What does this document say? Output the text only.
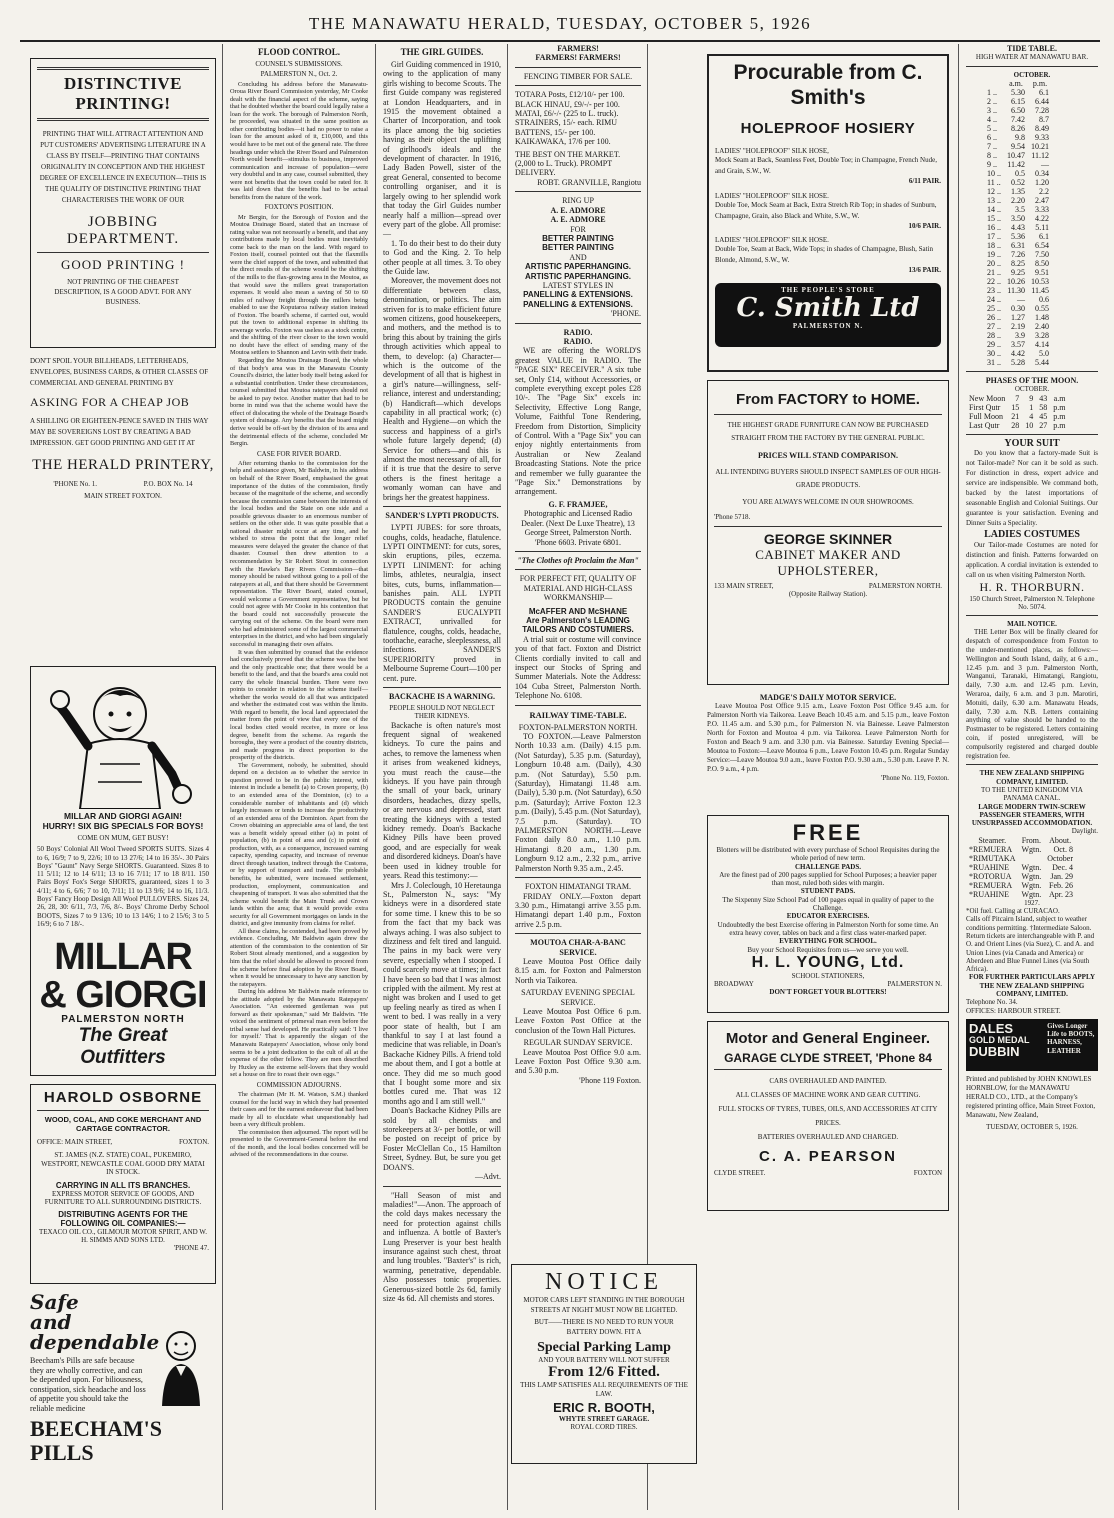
THE MANAWATU HERALD, TUESDAY, OCTOBER 5, 1926
DISTINCTIVE PRINTING!
PRINTING THAT WILL ATTRACT ATTENTION AND PUT CUSTOMERS' ADVERTISING LITERATURE IN A CLASS BY ITSELF—PRINTING THAT CONTAINS ORIGINALITY IN CONCEPTION AND THE HIGHEST DEGREE OF EXCELLENCE IN EXECUTION—THIS IS THE QUALITY OF DISTINCTIVE PRINTING THAT CHARACTERISES THE WORK OF OUR
JOBBING DEPARTMENT.
GOOD PRINTING !
NOT PRINTING OF THE CHEAPEST DESCRIPTION, IS A GOOD ADVT. FOR ANY BUSINESS.
DON'T SPOIL YOUR BILLHEADS, LETTERHEADS, ENVELOPES, BUSINESS CARDS, & OTHER CLASSES OF COMMERCIAL AND GENERAL PRINTING BY
ASKING FOR A CHEAP JOB
A SHILLING OR EIGHTEEN-PENCE SAVED IN THIS WAY MAY BE SOVEREIGNS LOST BY CREATING A BAD IMPRESSION. GET GOOD PRINTING AND GET IT AT
THE HERALD PRINTERY,
'PHONE No. 1.	P.O. BOX No. 14
MAIN STREET FOXTON.
MILLAR AND GIORGI AGAIN!
HURRY! SIX BIG SPECIALS FOR BOYS!
COME ON MUM, GET BUSY!
50 Boys' Colonial All Wool Tweed SPORTS SUITS. Sizes 4 to 6, 16/9; 7 to 9, 22/6; 10 to 13 27/6; 14 to 16 35/-. 30 Pairs Boys' "Gaunt" Navy Serge SHORTS. Guaranteed. Sizes 8 to 11 5/11; 12 to 14 6/11; 13 to 16 7/11; 17 to 18 8/11. 150 Pairs Boys' Fox's Serge SHORTS, guaranteed, sizes 1 to 3 4/11; 4 to 6, 6/6; 7 to 10, 7/11; 11 to 13 9/6; 14 to 16, 11/3. Boys' Fancy Hoop Design All Wool PULLOVERS. Sizes 24, 26, 28, 30: 6/11, 7/3, 7/6, 8/-. Boys' Chrome Derby School BOOTS, Sizes 7 to 9 13/6; 10 to 13 14/6; 1 to 2 15/6; 3 to 5 16/9; 6 to 7 18/-.
MILLAR & GIORGI
PALMERSTON NORTH
The Great Outfitters
HAROLD OSBORNE
WOOD, COAL, AND COKE MERCHANT AND CARTAGE CONTRACTOR.
OFFICE: MAIN STREET,	FOXTON.
ST. JAMES (N.Z. STATE) COAL, PUKEMIRO, WESTPORT, NEWCASTLE COAL GOOD DRY MATAI IN STOCK.
CARRYING IN ALL ITS BRANCHES.
EXPRESS MOTOR SERVICE OF GOODS, AND FURNITURE TO ALL SURROUNDING DISTRICTS.
DISTRIBUTING AGENTS FOR THE FOLLOWING OIL COMPANIES:—
TEXACO OIL CO., GILMOUR MOTOR SPIRIT, AND W. H. SIMMS AND SONS LTD.
'PHONE 47.
Safe and dependable
Beecham's Pills are safe because they are wholly corrective, and can be depended upon. For biliousness, constipation, sick headache and loss of appetite you should take the reliable medicine
BEECHAM'S PILLS
FLOOD CONTROL.
COUNSEL'S SUBMISSIONS.
PALMERSTON N., Oct. 2.

Concluding his address before the Manawatu-Oroua River Board Commission yesterday, Mr Cooke dealt with the financial aspect of the scheme, saying that he doubted whether the board could legally raise a loan for the work. The borough of Palmerston North, he proceeded, was situated in the same position as other contributing bodies—it had no power to raise a loan for the amount asked of it, £10,000, and this would have to be met out of the general rate. The three headings under which the River Board and Palmerston North would benefit—stimulus to business, improved communication and increase of population—were very doubtful and in any case, counsel submitted, they were not benefits that the town could be rated for. It was laid down that the benefits had to be actual benefits from the nature of the work.

FOXTON'S POSITION.

Mr Bergin, for the Borough of Foxton and the Moutoa Drainage Board, stated that an increase of rating value was not necessarily a benefit, and that any contributions made by local bodies must inevitably come back to the man on the land. With regard to Foxton itself, counsel pointed out that the flaxmills were the chief support of the town, and submitted that the direct results of the scheme would be the shifting of the mills to the flax-growing area in the Moutoa, as that would save the millers great transportation expenses. It would also mean a saving of 50 to 60 miles of railway freight through the millers being enabled to use the Koputaroa railway station instead of Foxton. The board's scheme, if carried out, would put the town to additional expense in shifting its sewerage works. Foxton was useless as a stock centre, and the shifting of the river closer to the town would no doubt have the effect of sending many of the Moutoa settlers to Shannon and Levin with their trade.

Regarding the Moutoa Drainage Board, the whole of that body's area was in the Manawatu County Council's district, the latter body itself being asked for a substantial contribution. Under these circumstances, counsel submitted that Moutoa ratepayers should not be asked to pay twice. Another matter that had to be borne in mind was that the scheme would have the effect of dislocating the whole of the Drainage Board's system of drainage. Any benefits that the board might derive would be off-set by the division of its area and the detrimental effects of the scheme, concluded Mr Bergin.

CASE FOR RIVER BOARD.

After returning thanks to the commission for the help and assistance given, Mr Baldwin, in his address on behalf of the River Board, emphasised the great importance of the duties of the commission, firstly because of the magnitude of the scheme, and secondly because the commission came between the interests of the local bodies and the State on one side and a possible grievous disaster to an enormous number of settlers on the other side. It was quite possible that a national disaster might occur at any time, and he wished to stress the point that the longer relief measures were delayed the greater the chance of that disaster. Counsel then drew attention to a recommendation by Sir Robert Stout in connection with the Hawke's Bay Rivers Commission—that money should be raised without going to a poll of the ratepayers at all, and that there should be Government representation. The River Board, stated counsel, would welcome a Government representative, but he could not agree with Mr Cooke in his contention that the board could not successfully prosecute the carrying out of the scheme. On the board were men who had administered some of the largest commercial enterprises in the district, and who had been singularly successful in managing their own affairs.

It was then submitted by counsel that the evidence had conclusively proved that the scheme was the best and the only practicable one; that there would be a benefit to the land, and that the board's area could not carry the whole financial burden. There were two points to consider in relation to the scheme itself—whether the works would do all that was anticipated and whether the estimated cost was within the limits. With regard to benefit, the local land appreciated the matter from the point of view that every one of the local bodies cited would receive, in more or less degree, benefit from the scheme. As regards the boroughs, they were a product of the country districts, and made progress in direct proportion to the prosperity of the districts.

The Government, nobody, he submitted, should depend on a decision as to whether the service in question proved to be in the public interest, with interest in include a benefit (a) to Crown property, (b) to an extended area of the Dominion, (c) to a considerable number of inhabitants and (d) which largely increases or tends to increase the productivity of an extended area of the Dominion. Apart from the Crown obtaining an appreciable area of land, the test was a benefit widely spread either (a) in point of population, (b) in point of area and (c) in point of production, with, as a consequence, increased earning capacity, spending capacity, and increase of revenue direct through taxation, indirect through the Customs, or by support of transport and trade. The probable benefits, he submitted, were increased settlement, production, employment, communication and cheapening of transport. It was also submitted that the scheme would benefit the Main Trunk and Crown lands within the area; that it would provide extra security for all Government mortgages on lands in the district, and give immunity from claims for relief.

All these claims, he contended, had been proved by evidence. Concluding, Mr Baldwin again drew the attention of the commission to the contention of Sir Robert Stout already mentioned, and a suggestion by him that the relief should be allowed to proceed from the scheme before final adoption by the River Board, when it would be unnecessary to have any sanction by the ratepayers.

During his address Mr Baldwin made reference to the attitude adopted by the Manawatu Ratepayers' Association. "An esteemed gentleman was put forward as their spokesman," said Mr Baldwin. "He voiced the sentiment of primeval man even before the tribal sense had developed. He practically said: 'I live for myself.' That is apparently the slogan of the Manawatu Ratepayers' Association, whose only bond seems to be a joint dedication to the cult of all at the expense of the other fellow. They are men described by Huxley as the extreme self-lovers that they would set a house on fire to roast their own eggs."

COMMISSION ADJOURNS.

The chairman (Mr H. M. Watson, S.M.) thanked counsel for the lucid way in which they had presented their cases and for the earnest endeavour that had been made by all to elucidate what unquestionably had been a very difficult problem.

The commission then adjourned. The report will be presented to the Government-General before the end of the month, and the local bodies concerned will be advised of the recommendations in due course.

THE GIRL GUIDES.

Girl Guiding commenced in 1910, owing to the application of many girls wishing to become Scouts. The first Guide company was registered at London Headquarters, and in 1915 the movement obtained a Charter of Incorporation, and took its place among the big societies having as their object the uplifting of girlhood's ideals and the development of character. In 1916, Lady Baden Powell, sister of the great General, consented to become controlling organiser, and it is largely owing to her splendid work that today the Girl Guides number nearly half a million—spread over every part of the globe. All promise:—

1. To do their best to do their duty to God and the King. 2. To help other people at all times. 3. To obey the Guide law.

Moreover, the movement does not differentiate between class, denomination, or politics. The aim striven for is to make efficient future women citizens, good housekeepers, and mothers, and the method is to bring this about by training the girls through activities which appeal to them, to develop: (a) Character—which is the outcome of the development of all that is highest in a girl's nature—willingness, self-reliance, interest and understanding; (b) Handicraft—which develops capability in all practical work; (c) Health and Hygiene—on which the success and happiness of a girl's whole future largely depend; (d) Service for others—and this is almost the most necessary of all, for if it is true that the desire to serve others is the finest heritage a womanly woman can have and brings her the greatest happiness.

SANDER'S LYPTI PRODUCTS.

LYPTI JUBES: for sore throats, coughs, colds, headache, flatulence. LYPTI OINTMENT: for cuts, sores, skin eruptions, piles, eczema. LYPTI LINIMENT: for aching limbs, athletes, neuralgia, insect bites, cuts, burns, inflammation—banishes pain. ALL LYPTI PRODUCTS contain the genuine SANDER'S EUCALYPTI EXTRACT, unrivalled for flatulence, coughs, colds, headache, toothache, earache, sleeplessness, all infections. SANDER'S SUPERIORITY proved in Melbourne Supreme Court—100 per cent. pure.

BACKACHE IS A WARNING.
PEOPLE SHOULD NOT NEGLECT THEIR KIDNEYS.

Backache is often nature's most frequent signal of weakened kidneys. To cure the pains and aches, to remove the lameness when it arises from weakened kidneys, you must reach the cause—the kidneys. If you have pain through the small of your back, urinary disorders, headaches, dizzy spells, or are nervous and depressed, start treating the kidneys with a tested kidney remedy. Doan's Backache Kidney Pills have been proved good, and are especially for weak and disordered kidneys. Doan's have been used in kidney trouble for years. Read this testimony:—

Mrs J. Coleclough, 10 Heretaunga St., Palmerston N., says: "My kidneys were in a disordered state for some time. I knew this to be so from the fact that my back was always aching. I was also subject to dizziness and felt tired and languid. The pains in my back were very severe, especially when I stooped. I could scarcely move at times; in fact I have been so bad that I was almost crippled with the ailment. My rest at night was broken and I used to get up feeling nearly as tired as when I went to bed. I was really in a very poor state of health, but I am thankful to say I at last found a medicine that was reliable, in Doan's Backache Kidney Pills. A friend told me about them, and I got a bottle at once. They did me so much good that I bought some more and six bottles cured me. That was 12 months ago and I am still well."

Doan's Backache Kidney Pills are sold by all chemists and storekeepers at 3/- per bottle, or will be posted on receipt of price by Foster McClellan Co., 15 Hamilton Street, Sydney. But, be sure you get DOAN'S.

—Advt.

"Hall Season of mist and maladies!"—Anon. The approach of the cold days makes necessary the need for protection against chills and influenza. A bottle of Baxter's Lung Preserver is your best health insurance against such chest, throat and lung troubles. "Baxter's" is rich, warming, penetrative, dependable. Also possesses tonic properties. Generous-sized bottle 2s 6d, family size 4s 6d. All chemists and stores.

FARMERS!
FARMERS! FARMERS!
FENCING TIMBER FOR SALE.
TOTARA Posts, £12/10/- per 100. BLACK HINAU, £9/-/- per 100. MATAI, £6/-/- (225 to L. truck). STRAINERS, 15/- each. RIMU BATTENS, 15/- per 100. KAIKAWAKA, 17/6 per 100.
THE BEST ON THE MARKET. (2,000 to L. Truck). PROMPT DELIVERY.
ROBT. GRANVILLE, Rangiotu
RING UP
A. E. ADMORE
A. E. ADMORE
FOR
BETTER PAINTING
BETTER PAINTING
AND
ARTISTIC PAPERHANGING.
ARTISTIC PAPERHANGING.
LATEST STYLES IN
PANELLING & EXTENSIONS.
PANELLING & EXTENSIONS.
'PHONE.
RADIO.
RADIO.

WE are offering the WORLD'S greatest VALUE in RADIO. The "PAGE SIX" RECEIVER." A six tube set, Only £14, without Accessories, or complete everything except poles £28 10/-. The "Page Six" excels in: Selectivity, Effective Long Range, Volume, Faithful Tone Rendering, Freedom from Distortion, Simplicity of Control. With a "Page Six" you can enjoy nightly entertainments from Australian or New Zealand Broadcasting Stations. Note the price and remember we fully guarantee the "Page Six." Demonstrations by arrangement.

G. F. FRAMJEE,
Photographic and Licensed Radio Dealer. (Next De Luxe Theatre), 13 George Street, Palmerston North. 'Phone 6603. Private 6801.
"The Clothes oft Proclaim the Man"
FOR PERFECT FIT, QUALITY OF MATERIAL AND HIGH-CLASS WORKMANSHIP—
McAFFER AND McSHANE
Are Palmerston's LEADING TAILORS AND COSTUMIERS.

A trial suit or costume will convince you of that fact. Foxton and District Clients cordially invited to call and inspect our Stocks of Spring and Summer Materials. Note the Address: 104 Cuba Street, Palmerston North. Telephone No. 6108.

RAILWAY TIME-TABLE.
FOXTON-PALMERSTON NORTH.

TO FOXTON.—Leave Palmerston North 10.33 a.m. (Daily) 4.15 p.m. (Not Saturday), 5.35 p.m. (Saturday), Longburn 10.48 a.m. (Daily), 4.30 p.m. (Not Saturday), 5.50 p.m. (Saturday), Himatangi 11.48 a.m. (Daily), 5.30 p.m. (Not Saturday), 6.50 p.m. (Saturday); Arrive Foxton 12.3 p.m. (Daily), 5.45 p.m. (Not Saturday), 7.5 p.m. (Saturday). TO PALMERSTON NORTH.—Leave Foxton daily 8.0 a.m., 1.10 p.m. Himatangi 8.20 a.m., 1.30 p.m. Longburn 9.12 a.m., 2.32 p.m., arrive Palmerston North 9.35 a.m., 2.45.

FOXTON HIMATANGI TRAM.

FRIDAY ONLY.—Foxton depart 3.30 p.m., Himatangi arrive 3.55 p.m. Himatangi depart 1.40 p.m., Foxton arrive 2.5 p.m.

MOUTOA CHAR-A-BANC SERVICE.

Leave Moutoa Post Office daily 8.15 a.m. for Foxton and Palmerston North via Taikorea.

SATURDAY EVENING SPECIAL SERVICE.

Leave Moutoa Post Office 6 p.m. Leave Foxton Post Office at the conclusion of the Town Hall Pictures.

REGULAR SUNDAY SERVICE.

Leave Moutoa Post Office 9.0 a.m. Leave Foxton Post Office 9.30 a.m. and 5.30 p.m.

'Phone 119 Foxton.
Procurable from C. Smith's
HOLEPROOF HOSIERY
LADIES' "HOLEPROOF" SILK HOSE,
Mock Seam at Back, Seamless Feet, Double Toe; in Champagne, French Nude, and Grain, S.W., W.
6/11 PAIR.
LADIES' "HOLEPROOF" SILK HOSE.
Double Toe, Mock Seam at Back, Extra Stretch Rib Top; in shades of Sunburn, Champagne, Grain, also Black and White, S.W., W.
10/6 PAIR.
LADIES' "HOLEPROOF" SILK HOSE.
Double Toe, Seam at Back, Wide Tops; in shades of Champagne, Blush, Satin Blonde, Almond, S.W., W.
13/6 PAIR.
THE PEOPLE'S STORE
C. Smith Ltd
PALMERSTON N.
From FACTORY to HOME.
THE HIGHEST GRADE FURNITURE CAN NOW BE PURCHASED STRAIGHT FROM THE FACTORY BY THE GENERAL PUBLIC.
PRICES WILL STAND COMPARISON.
ALL INTENDING BUYERS SHOULD INSPECT SAMPLES OF OUR HIGH-GRADE PRODUCTS.
YOU ARE ALWAYS WELCOME IN OUR SHOWROOMS.
'Phone 5718.
GEORGE SKINNER
CABINET MAKER AND UPHOLSTERER,
133 MAIN STREET,	PALMERSTON NORTH.
(Opposite Railway Station).
MADGE'S DAILY MOTOR SERVICE.

Leave Moutoa Post Office 9.15 a.m., Leave Foxton Post Office 9.45 a.m. for Palmerston North via Taikorea. Leave Beach 10.45 a.m. and 5.15 p.m., leave Foxton P.O. 11.45 a.m. and 5.30 p.m., for Palmerston N. via Bainesse. Leave Palmerston North for Foxton and Moutoa 4 p.m. via Taikorea. Leave Palmerston North for Foxton and Beach 9 a.m. and 3.30 p.m. via Bainesse. Saturday Evening Special—Moutoa to Foxton:—Leave Moutoa 6 p.m., Leave Foxton 10.45 p.m. Regular Sunday Service:—Leave Moutoa 9.0 a.m., leave Foxton P.O. 9.30 a.m., 5.30 p.m. Leave P. N. P.O. 9 a.m., 4 p.m.

'Phone No. 119, Foxton.
FREE
Blotters will be distributed with every purchase of School Requisites during the whole period of new term.
CHALLENGE PADS.
Are the finest pad of 200 pages supplied for School Purposes; a heavier paper than most, ruled both sides with margin.
STUDENT PADS.
The Sixpenny Size School Pad of 100 pages equal in quality of paper to the Challenge.
EDUCATOR EXERCISES.
Undoubtedly the best Exercise offering in Palmerston North for some time. An extra heavy cover, tables on back and a first class water-marked paper.
EVERYTHING FOR SCHOOL.
Buy your School Requisites from us—we serve you well.
H. L. YOUNG, Ltd.
SCHOOL STATIONERS,
BROADWAY	PALMERSTON N.
DON'T FORGET YOUR BLOTTERS!
Motor and General Engineer.
GARAGE CLYDE STREET, 'Phone 84
CARS OVERHAULED AND PAINTED.
ALL CLASSES OF MACHINE WORK AND GEAR CUTTING.
FULL STOCKS OF TYRES, TUBES, OILS, AND ACCESSORIES AT CITY PRICES.
BATTERIES OVERHAULED AND CHARGED.
C. A. PEARSON
CLYDE STREET.	FOXTON
NOTICE
MOTOR CARS LEFT STANDING IN THE BOROUGH STREETS AT NIGHT MUST NOW BE LIGHTED.
BUT——THERE IS NO NEED TO RUN YOUR BATTERY DOWN. FIT A
Special Parking Lamp
AND YOUR BATTERY WILL NOT SUFFER
From 12/6 Fitted.
THIS LAMP SATISFIES ALL REQUIREMENTS OF THE LAW.
ERIC R. BOOTH,
WHYTE STREET GARAGE.
ROYAL CORD TIRES.
TIDE TABLE.
HIGH WATER AT MANAWATU BAR.
OCTOBER.
	a.m.	p.m.
1 ..	5.30	6.1
2 ..	6.15	6.44
3 ..	6.50	7.28
4 ..	7.42	8.7
5 ..	8.26	8.49
6 ..	9.8	9.33
7 ..	9.54	10.21
8 ..	10.47	11.12
9 ..	11.42	—
10 ..	0.5	0.34
11 ..	0.52	1.20
12 ..	1.35	2.2
13 ..	2.20	2.47
14 ..	3.5	3.33
15 ..	3.50	4.22
16 ..	4.43	5.11
17 ..	5.36	6.1
18 ..	6.31	6.54
19 ..	7.26	7.50
20 ..	8.25	8.50
21 ..	9.25	9.51
22 ..	10.26	10.53
23 ..	11.30	11.45
24 ..	—	0.6
25 ..	0.30	0.55
26 ..	1.27	1.48
27 ..	2.19	2.40
28 ..	3.9	3.28
29 ..	3.57	4.14
30 ..	4.42	5.0
31 ..	5.28	5.44
PHASES OF THE MOON.
OCTOBER.
New Moon	7	9	43	a.m
First Qutr	15	1	58	p.m
Full Moon	21	4	45	p.m
Last Qutr	28	10	27	p.m
YOUR SUIT

Do you know that a factory-made Suit is not Tailor-made? Nor can it be sold as such. For distinction in dress, expert advice and service are indispensible. We command both, backed by the latest importations of seasonable English and Colonial Suitings. Our guarantee is your satisfaction. Evening and Dinner Suits a Speciality.

LADIES COSTUMES

Our Tailor-made Costumes are noted for distinction and finish. Patterns forwarded on application. A cordial invitation is extended to call on us when visiting Palmerston North.

H. R. THORBURN.
150 Church Street, Palmerston N. Telephone No. 5074.
MAIL NOTICE.

THE Letter Box will be finally cleared for despatch of correspondence from Foxton to the under-mentioned places, as follows:— Wellington and South Island, daily, at 6 a.m., 12.45 p.m. and 3 p.m. Palmerston North, Wanganui, Taranaki, Himatangi, Rangiotu, daily, 7.30 a.m. and 12.45 p.m. Levin, Weraroa, daily, 6 a.m. and 3 p.m. Marotiri, Motuiti, daily, 6.30 a.m. Manawatu Heads, daily, 7.30 a.m. N.B. Letters containing anything of value should be handed to the Postmaster to be registered. Letters containing coin, if posted unregistered, will be compulsorily registered and charged double registration fee.

THE NEW ZEALAND SHIPPING COMPANY, LIMITED.
TO THE UNITED KINGDOM VIA PANAMA CANAL.
LARGE MODERN TWIN-SCREW PASSENGER STEAMERS, WITH UNSURPASSED ACCOMMODATION.
Daylight.
Steamer.	From.	About.
*REMUERA	Wgtn.	Oct. 8
*RIMUTAKA		October
*RUAHINE	Wgtn.	Dec. 4
*ROTORUA	Wgtn.	Jan. 29
*REMUERA	Wgtn.	Feb. 26
*RUAHINE	Wgtn.	Apr. 23
1927.
*Oil fuel. Calling at CURACAO.
Calls off Pitcairn Island, subject to weather conditions permitting. †Intermediate Saloon.
Return tickets are interchangeable with P. and O. and Orient Lines (via Suez), C. and A. and Union Lines (via Canada and America) or Aberdeen and Blue Funnel Lines (via South Africa).
FOR FURTHER PARTICULARS APPLY
THE NEW ZEALAND SHIPPING COMPANY, LIMITED.
Telephone No. 34.
OFFICES: HARBOUR STREET.
DALES
GOLD MEDAL
DUBBIN
Gives Longer Life to BOOTS, HARNESS, LEATHER
Printed and published by JOHN KNOWLES HORNBLOW, for the MANAWATU HERALD CO., LTD., at the Company's registered printing office, Main Street Foxton, Manawatu, New Zealand,
TUESDAY, OCTOBER 5, 1926.
